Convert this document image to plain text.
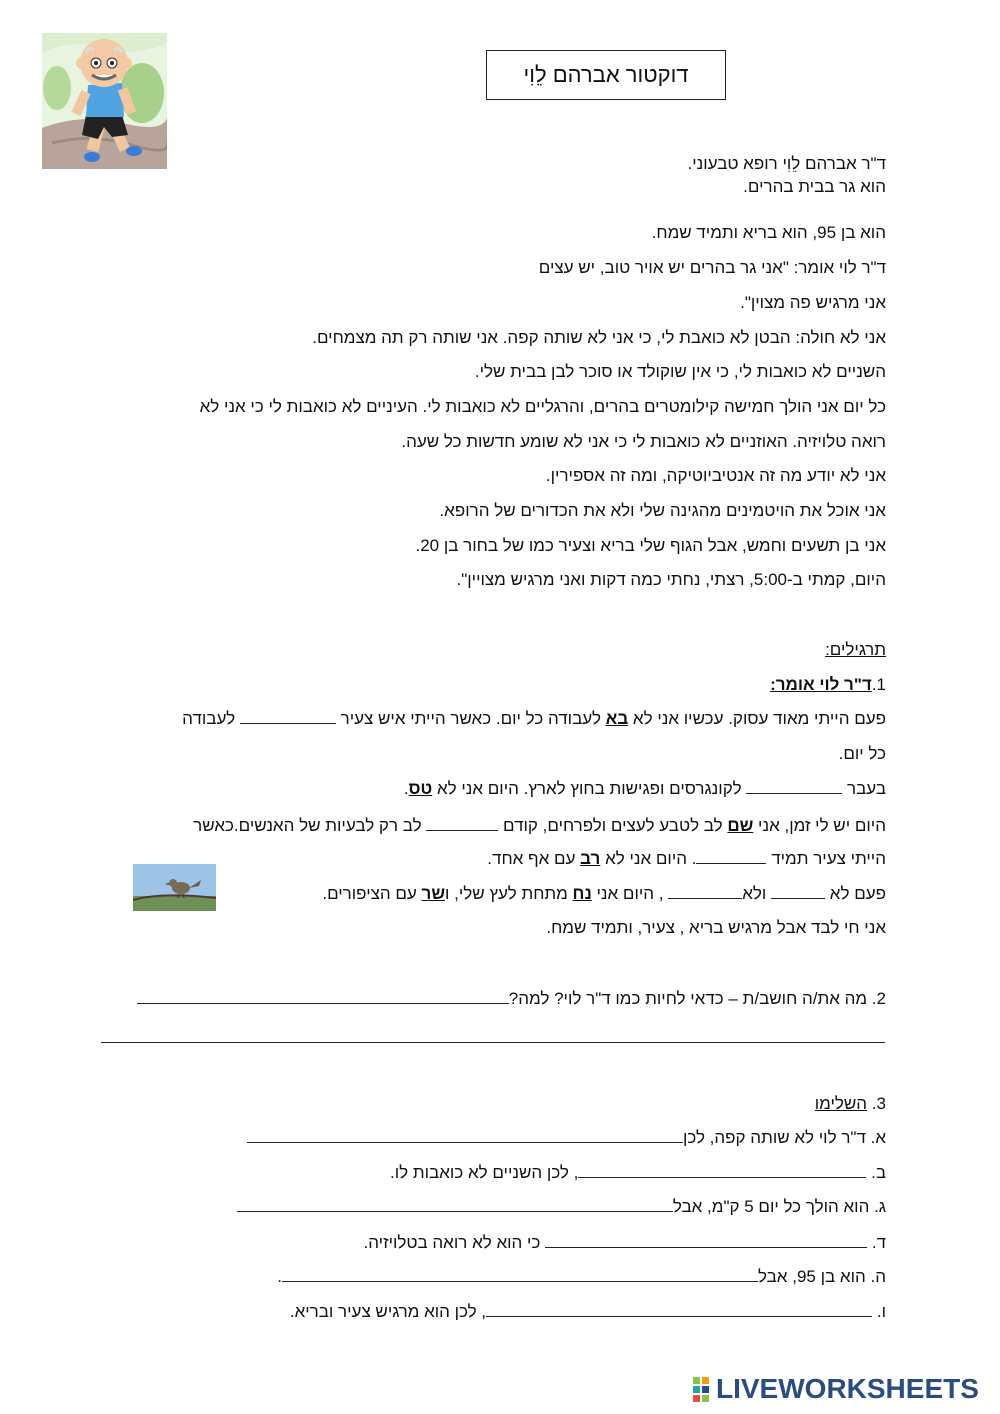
דוקטור אברהם לֵוִי
ד"ר אברהם לֵוִי רופא טבעוני.
הוא גר בבית בהרים.
הוא בן 95, הוא בריא ותמיד שמח.
ד"ר לוי אומר: "אני גר בהרים יש אויר טוב, יש עצים
אני מרגיש פה מצוין".
אני לא חולה: הבטן לא כואבת לי, כי אני לא שותה קפה. אני שותה רק תה מצמחים.
השניים לא כואבות לי, כי אין שוקולד או סוכר לבן בבית שלי.
כל יום אני הולך חמישה קילומטרים בהרים, והרגליים לא כואבות לי. העיניים לא כואבות לי כי אני לא
רואה טלויזיה. האוזניים לא כואבות לי כי אני לא שומע חדשות כל שעה.
אני לא יודע מה זה אנטיביוטיקה, ומה זה אספירין.
אני אוכל את הויטמינים מהגינה שלי ולא את הכדורים של הרופא.
אני בן תשעים וחמש, אבל הגוף שלי בריא וצעיר כמו של בחור בן 20.
היום, קמתי ב-5:00, רצתי, נחתי כמה דקות ואני מרגיש מצויין".
תרגילים:
1.ד"ר לוי אומר:
פעם הייתי מאוד עסוק. עכשיו אני לא בא לעבודה כל יום. כאשר הייתי איש צעיר  לעבודה
כל יום.
בעבר  לקונגרסים ופגישות בחוץ לארץ. היום אני לא טס.
היום יש לי זמן, אני שם לב לטבע לעצים ולפרחים, קודם  לב רק לבעיות של האנשים.כאשר
הייתי צעיר תמיד . היום אני לא רב עם אף אחד.
פעם לא  ולא , היום אני נח מתחת לעץ שלי, ושר עם הציפורים.
אני חי לבד אבל מרגיש בריא , צעיר, ותמיד שמח.
2. מה את/ה חושב/ת – כדאי לחיות כמו ד"ר לוי? למה?
3. השלימו
א. ד"ר לוי לא שותה קפה, לכן
ב. , לכן השניים לא כואבות לו.
ג. הוא הולך כל יום 5 ק"מ, אבל
ד.  כי הוא לא רואה בטלויזיה.
ה. הוא בן 95, אבל.
ו. , לכן הוא מרגיש צעיר ובריא.
LIVEWORKSHEETS
